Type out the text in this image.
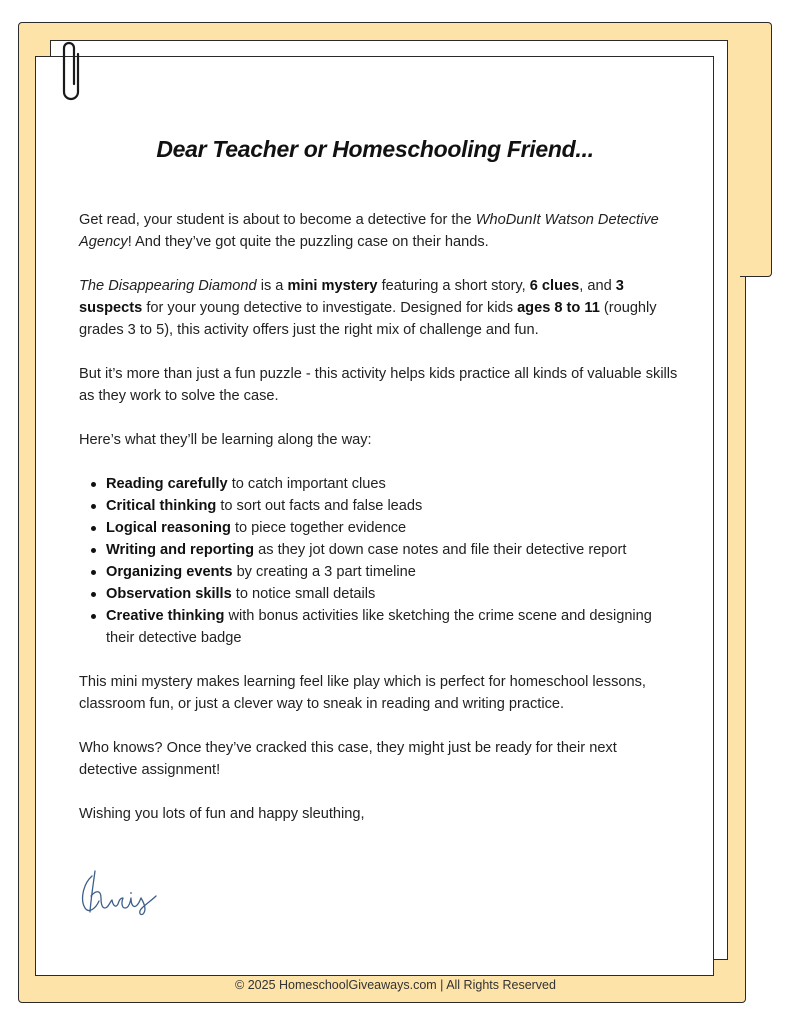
Dear Teacher or Homeschooling Friend...

Get read, your student is about to become a detective for the WhoDunIt Watson Detective Agency! And they’ve got quite the puzzling case on their hands.

The Disappearing Diamond is a mini mystery featuring a short story, 6 clues, and 3 suspects for your young detective to investigate. Designed for kids ages 8 to 11 (roughly grades 3 to 5), this activity offers just the right mix of challenge and fun.

But it’s more than just a fun puzzle - this activity helps kids practice all kinds of valuable skills as they work to solve the case.

Here’s what they’ll be learning along the way:

Reading carefully to catch important clues
Critical thinking to sort out facts and false leads
Logical reasoning to piece together evidence
Writing and reporting as they jot down case notes and file their detective report
Organizing events by creating a 3 part timeline
Observation skills to notice small details
Creative thinking with bonus activities like sketching the crime scene and designing their detective badge

This mini mystery makes learning feel like play which is perfect for homeschool lessons, classroom fun, or just a clever way to sneak in reading and writing practice.

Who knows? Once they’ve cracked this case, they might just be ready for their next detective assignment!

Wishing you lots of fun and happy sleuthing,

© 2025 HomeschoolGiveaways.com | All Rights Reserved
